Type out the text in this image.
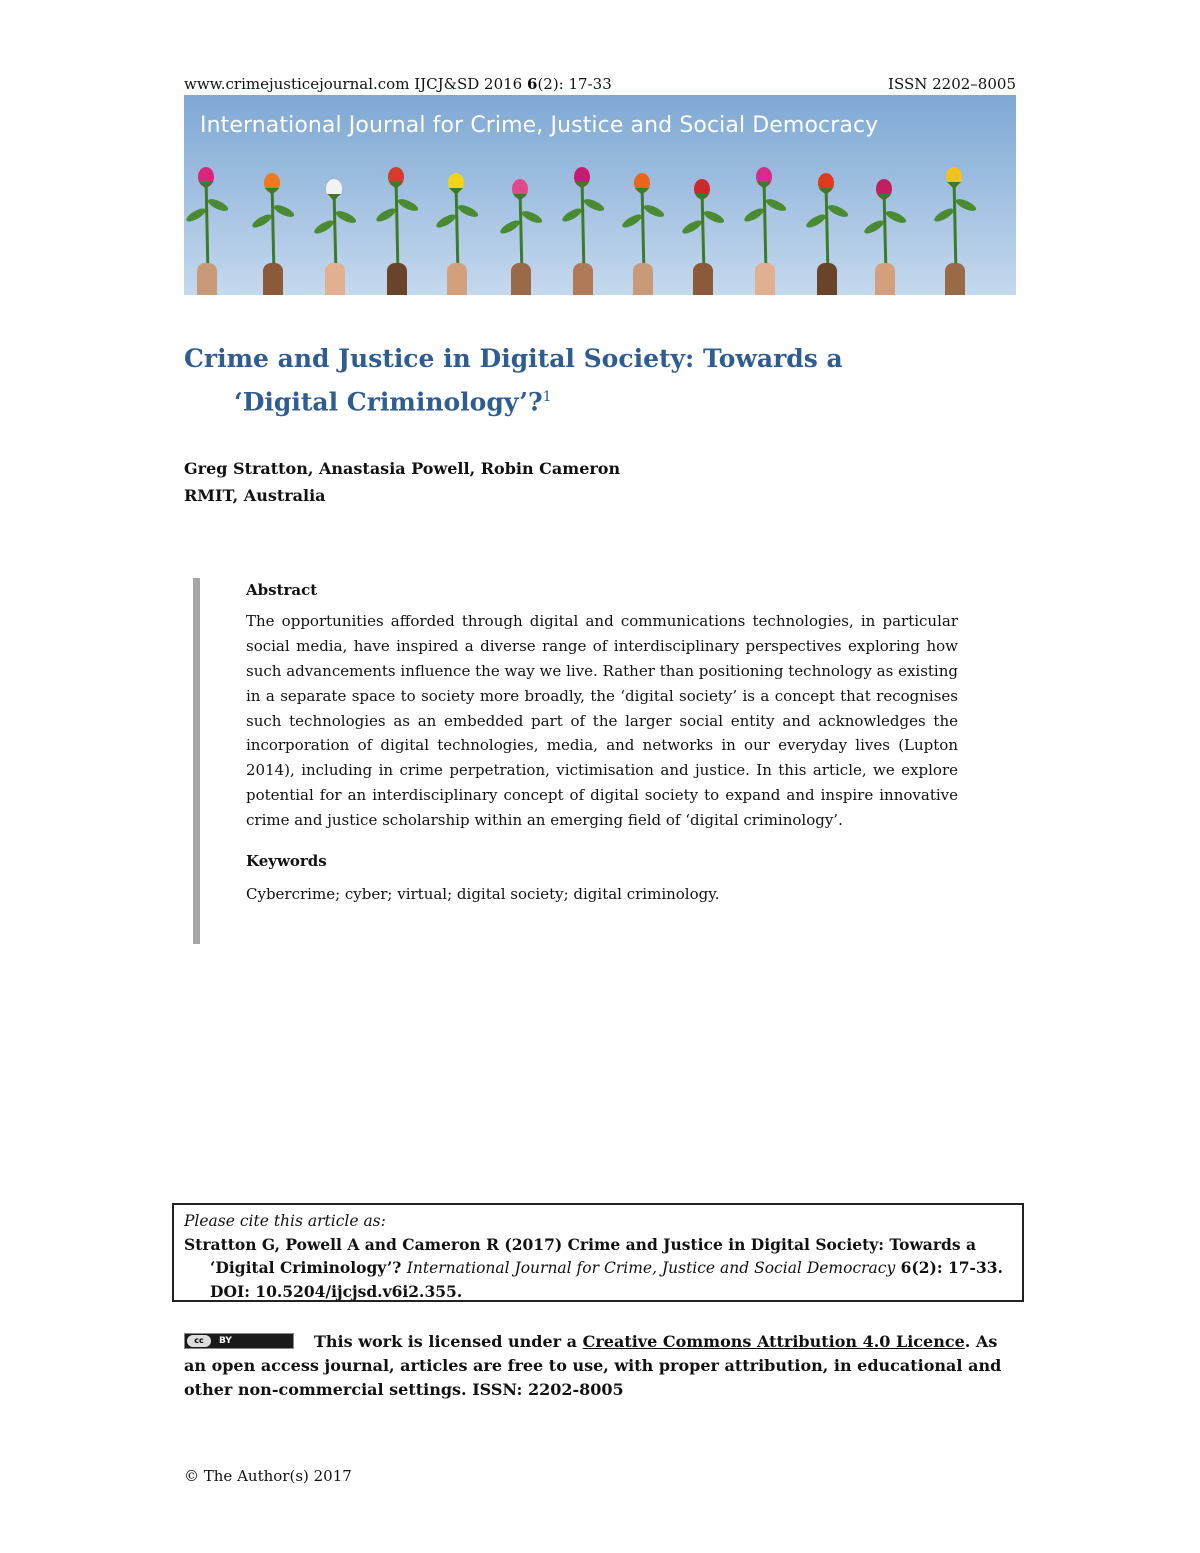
www.crimejusticejournal.com IJCJ&SD 2016 6(2): 17-33	ISSN 2202–8005
International Journal for Crime, Justice and Social Democracy
Crime and Justice in Digital Society: Towards a
‘Digital Criminology’?$^1$
Greg Stratton, Anastasia Powell, Robin Cameron
RMIT, Australia

Abstract

The opportunities afforded through digital and communications technologies, in particular social media, have inspired a diverse range of interdisciplinary perspectives exploring how such advancements influence the way we live. Rather than positioning technology as existing in a separate space to society more broadly, the ‘digital society’ is a concept that recognises such technologies as an embedded part of the larger social entity and acknowledges the incorporation of digital technologies, media, and networks in our everyday lives (Lupton 2014), including in crime perpetration, victimisation and justice. In this article, we explore potential for an interdisciplinary concept of digital society to expand and inspire innovative crime and justice scholarship within an emerging field of ‘digital criminology’.

Keywords

Cybercrime; cyber; virtual; digital society; digital criminology.

Please cite this article as:
Stratton G, Powell A and Cameron R (2017) Crime and Justice in Digital Society: Towards a ‘Digital Criminology’? International Journal for Crime, Justice and Social Democracy 6(2): 17-33. DOI: 10.5204/ijcjsd.v6i2.355.
cc	BY	This work is licensed under a Creative Commons Attribution 4.0 Licence. As an open access journal, articles are free to use, with proper attribution, in educational and other non-commercial settings. ISSN: 2202-8005
© The Author(s) 2017
